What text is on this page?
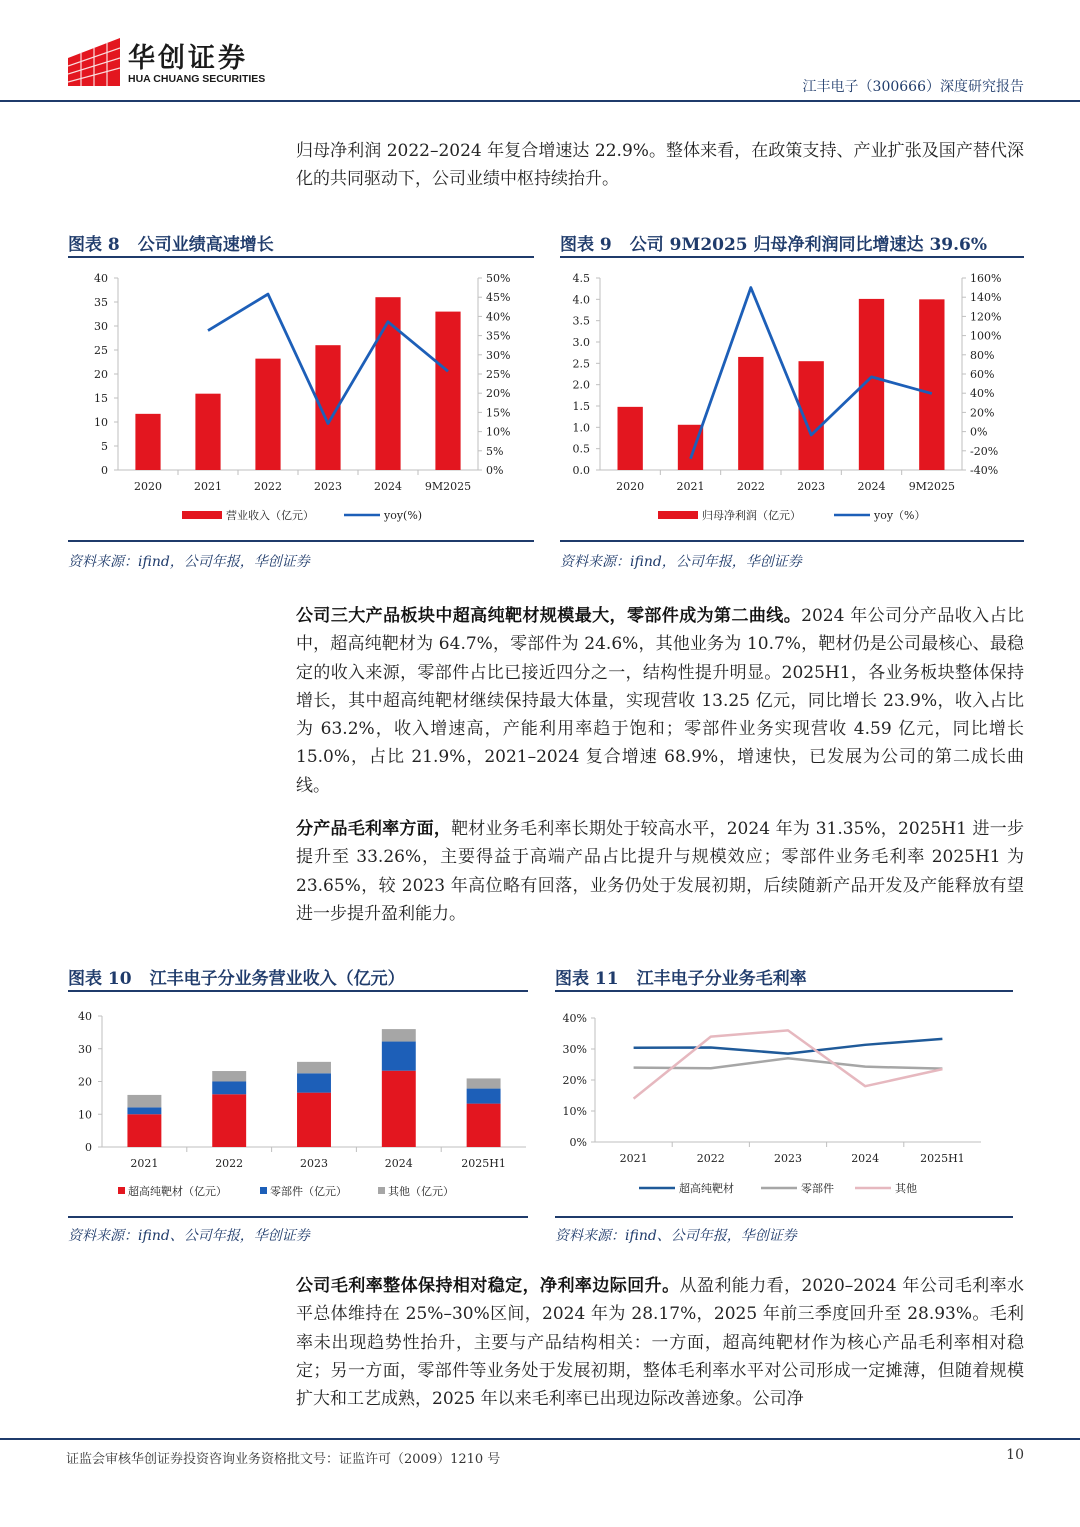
华创证券
HUA CHUANG SECURITIES	江丰电子（300666）深度研究报告
归母净利润 2022–2024 年复合增速达 22.9%。整体来看，在政策支持、产业扩张及国产替代深化的共同驱动下，公司业绩中枢持续抬升。
图表 8 公司业绩高速增长
0
5
10
15
20
25
30
35
40
0%
5%
10%
15%
20%
25%
30%
35%
40%
45%
50%
2020	2021	2022	2023	2024 9M2025
营业收入（亿元）	yoy(%)
资料来源：ifind，公司年报，华创证券
图表 9 公司 9M2025 归母净利润同比增速达 39.6%
0.0
0.5
1.0
1.5
2.0
2.5
3.0
3.5
4.0
4.5
-40%
-20%
0%
20%
40%
60%
80%
100%
120%
140%
160%
2020	2021	2022	2023	2024 9M2025
归母净利润（亿元）	yoy（%）
资料来源：ifind，公司年报，华创证券
公司三大产品板块中超高纯靶材规模最大，零部件成为第二曲线。2024 年公司分产品收入占比中，超高纯靶材为 64.7%，零部件为 24.6%，其他业务为 10.7%，靶材仍是公司最核心、最稳定的收入来源，零部件占比已接近四分之一，结构性提升明显。2025H1，各业务板块整体保持增长，其中超高纯靶材继续保持最大体量，实现营收 13.25 亿元，同比增长 23.9%，收入占比为 63.2%，收入增速高，产能利用率趋于饱和；零部件业务实现营收 4.59 亿元，同比增长 15.0%，占比 21.9%，2021–2024 复合增速 68.9%，增速快，已发展为公司的第二成长曲线。
分产品毛利率方面，靶材业务毛利率长期处于较高水平，2024 年为 31.35%，2025H1 进一步提升至 33.26%，主要得益于高端产品占比提升与规模效应；零部件业务毛利率 2025H1 为 23.65%，较 2023 年高位略有回落，业务仍处于发展初期，后续随新产品开发及产能释放有望进一步提升盈利能力。
图表 10 江丰电子分业务营业收入（亿元）
0
10
20
30
40
2021	2022	2023	2024	2025H1
超高纯靶材（亿元）	零部件（亿元）	其他（亿元）
资料来源：ifind、公司年报，华创证券
图表 11 江丰电子分业务毛利率
0%
10%
20%
30%
40%
2021	2022	2023	2024	2025H1
超高纯靶材	零部件	其他
资料来源：ifind、公司年报，华创证券
公司毛利率整体保持相对稳定，净利率边际回升。从盈利能力看，2020–2024 年公司毛利率水平总体维持在 25%–30%区间，2024 年为 28.17%，2025 年前三季度回升至 28.93%。毛利率未出现趋势性抬升，主要与产品结构相关：一方面，超高纯靶材作为核心产品毛利率相对稳定；另一方面，零部件等业务处于发展初期，整体毛利率水平对公司形成一定摊薄，但随着规模扩大和工艺成熟，2025 年以来毛利率已出现边际改善迹象。公司净
证监会审核华创证券投资咨询业务资格批文号：证监许可（2009）1210 号	10
